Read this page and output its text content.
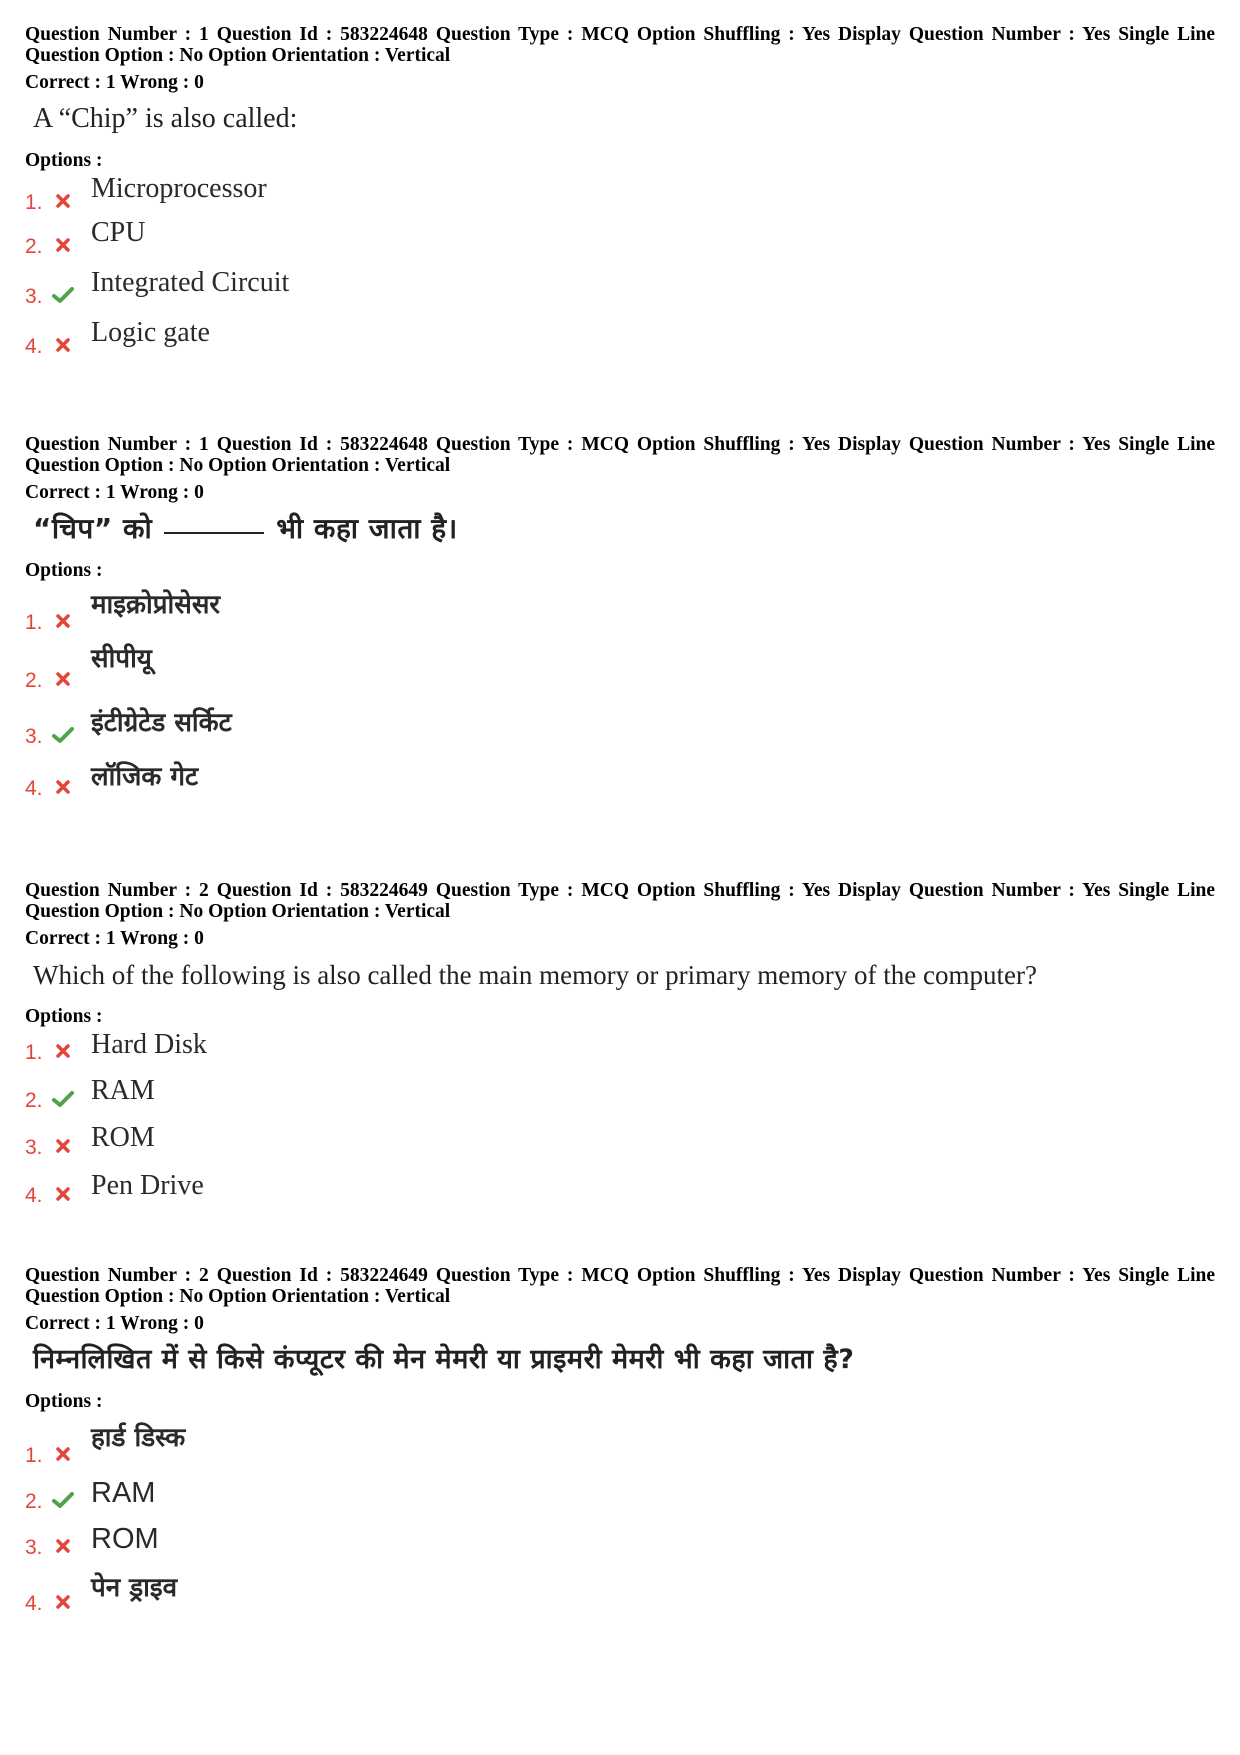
Question Number : 1 Question Id : 583224648 Question Type : MCQ Option Shuffling : Yes Display Question Number : Yes Single Line Question Option : No Option Orientation : Vertical

Correct : 1 Wrong : 0
A “Chip” is also called:
Options :
1. Microprocessor
2. CPU
3. Integrated Circuit
4. Logic gate

Question Number : 1 Question Id : 583224648 Question Type : MCQ Option Shuffling : Yes Display Question Number : Yes Single Line Question Option : No Option Orientation : Vertical

Correct : 1 Wrong : 0
“चिप” को	भी कहा जाता है।
Options :
1.
माइक्रोप्रोसेसर
2.
सीपीयू
3. इंटीग्रेटेड सर्किट
4. लॉजिक गेट

Question Number : 2 Question Id : 583224649 Question Type : MCQ Option Shuffling : Yes Display Question Number : Yes Single Line Question Option : No Option Orientation : Vertical

Correct : 1 Wrong : 0
Which of the following is also called the main memory or primary memory of the computer?
Options :
1. Hard Disk
2. RAM
3. ROM
4. Pen Drive

Question Number : 2 Question Id : 583224649 Question Type : MCQ Option Shuffling : Yes Display Question Number : Yes Single Line Question Option : No Option Orientation : Vertical

Correct : 1 Wrong : 0
निम्नलिखित में से किसे कंप्यूटर की मेन मेमरी या प्राइमरी मेमरी भी कहा जाता है?
Options :
1.
हार्ड डिस्क
2. RAM
3. ROM
4.
पेन ड्राइव
